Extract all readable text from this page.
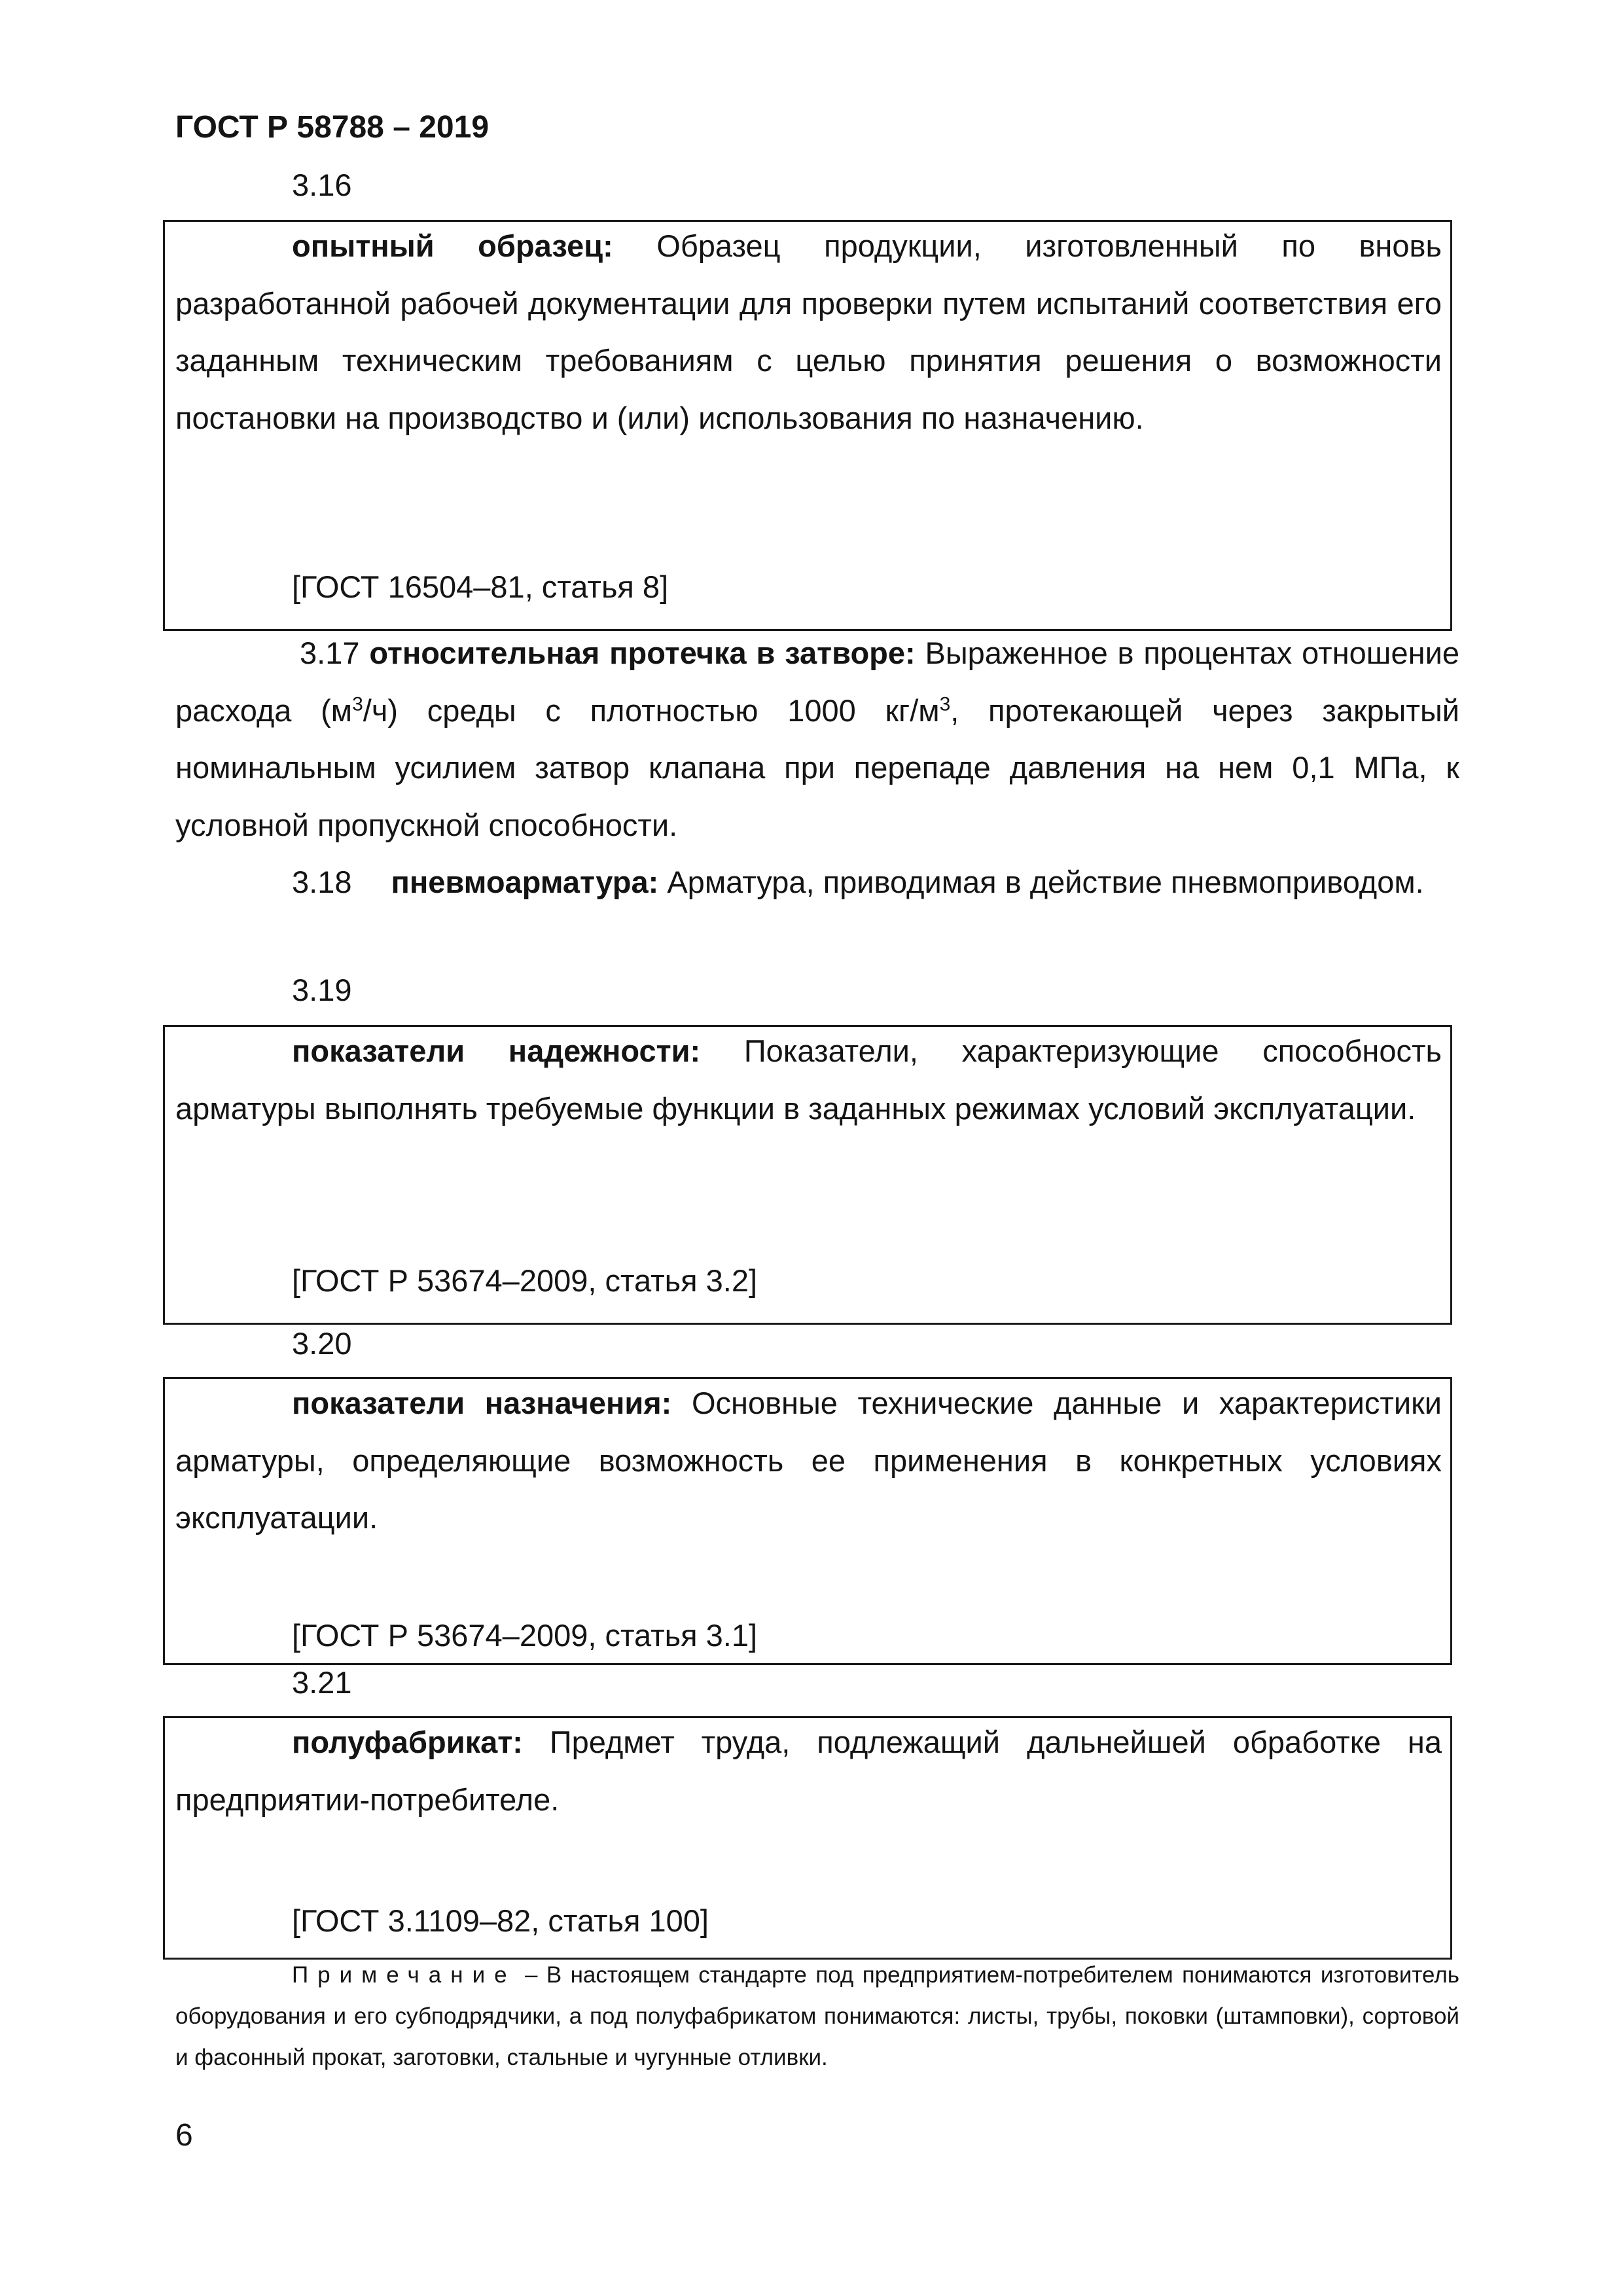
ГОСТ Р 58788 – 2019
3.16

опытный образец: Образец продукции, изготовленный по вновь разработанной рабочей документации для проверки путем испытаний соответствия его заданным техническим требованиям с целью принятия решения о возможности постановки на производство и (или) использования по назначению.

[ГОСТ 16504–81, статья 8]

3.17 относительная протечка в затворе: Выраженное в процентах отношение расхода $(м^3/ч)$ среды с плотностью 1000 $кг/м^3$, протекающей через закрытый номинальным усилием затвор клапана при перепаде давления на нем 0,1 МПа, к условной пропускной способности.

3.18 пневмоарматура: Арматура, приводимая в действие пневмоприводом.

3.19

показатели надежности: Показатели, характеризующие способность арматуры выполнять требуемые функции в заданных режимах условий эксплуатации.

[ГОСТ Р 53674–2009, статья 3.2]
3.20

показатели назначения: Основные технические данные и характеристики арматуры, определяющие возможность ее применения в конкретных условиях эксплуатации.

[ГОСТ Р 53674–2009, статья 3.1]
3.21

полуфабрикат: Предмет труда, подлежащий дальнейшей обработке на предприятии-потребителе.

[ГОСТ 3.1109–82, статья 100]

Примечание – В настоящем стандарте под предприятием-потребителем понимаются изготовитель оборудования и его субподрядчики, а под полуфабрикатом понимаются: листы, трубы, поковки (штамповки), сортовой и фасонный прокат, заготовки, стальные и чугунные отливки.

6
